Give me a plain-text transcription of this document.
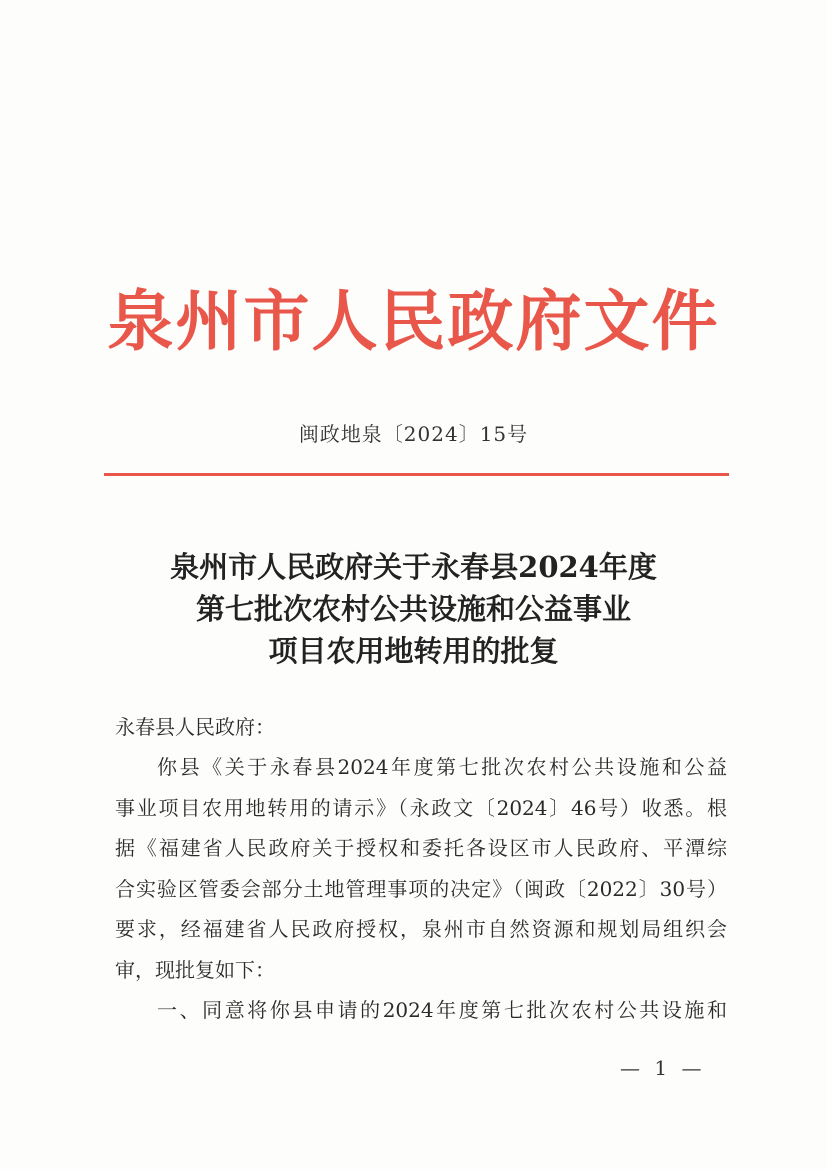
泉州市人民政府文件
闽政地泉〔2024〕15号
泉州市人民政府关于永春县2024年度
第七批次农村公共设施和公益事业
项目农用地转用的批复
永春县人民政府：
你县《关于永春县2024年度第七批次农村公共设施和公益
事业项目农用地转用的请示》（永政文〔2024〕46号）收悉。根
据《福建省人民政府关于授权和委托各设区市人民政府、平潭综
合实验区管委会部分土地管理事项的决定》（闽政〔2022〕30号）
要求，经福建省人民政府授权，泉州市自然资源和规划局组织会
审，现批复如下：
一、同意将你县申请的2024年度第七批次农村公共设施和
— 1 —
